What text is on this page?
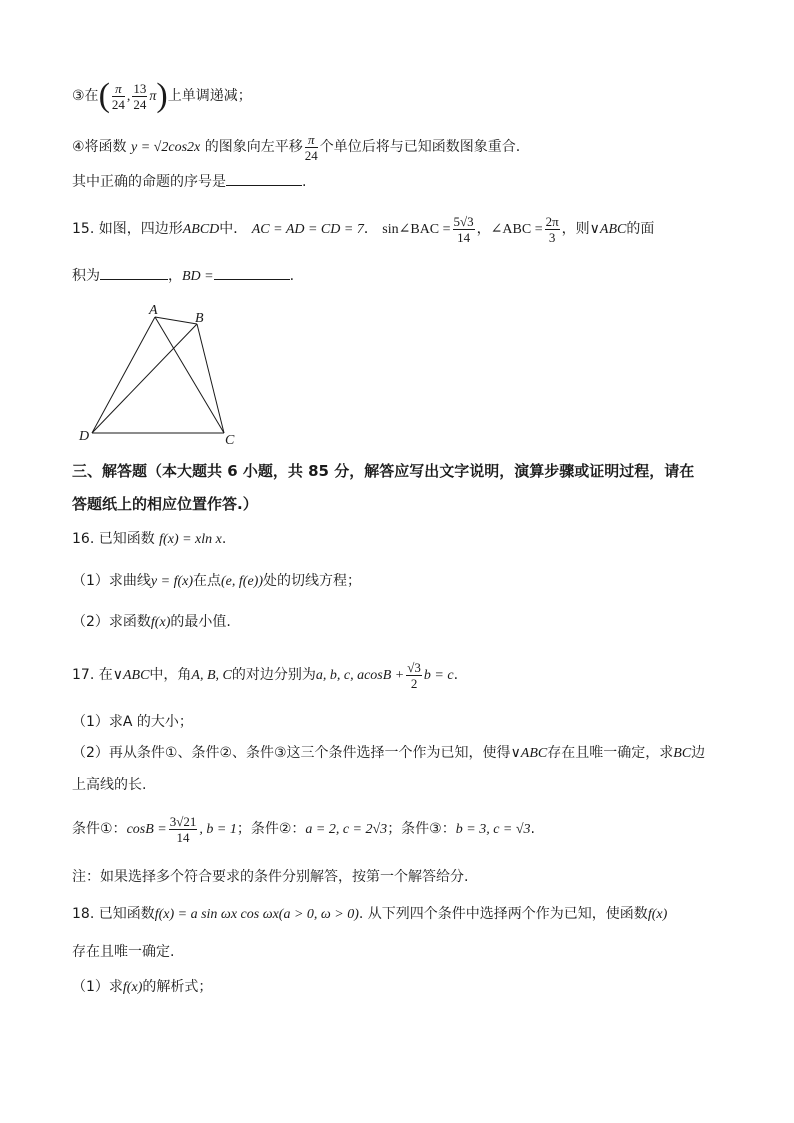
③在( $\frac{\pi}{24}$ , $\frac{13}{24} \pi$)上单调递减；
④将函数 y = √2cos2x 的图象向左平移 $\frac{\pi}{24}$ 个单位后将与已知函数图象重合.
其中正确的命题的序号是	.
15. 如图，四边形ABCD中． AC = AD = CD = 7． sin∠BAC = $\frac{5√3}{14}$ ，∠ABC = $\frac{2\pi}{3}$ ，则∨ABC的面
积为	，BD =	.
A
B
C
D
三、解答题（本大题共 6 小题，共 85 分，解答应写出文字说明，演算步骤或证明过程，请在
答题纸上的相应位置作答.）
16. 已知函数 f(x) = xln x.
（1）求曲线y = f(x)在点(e, f(e))处的切线方程；
（2）求函数f(x)的最小值.
17. 在∨ABC中，角A, B, C的对边分别为a, b, c, $acosB + \frac{√3}{2}$ b = c.
（1）求A 的大小；
（2）再从条件①、条件②、条件③这三个条件选择一个作为已知，使得∨ABC存在且唯一确定，求BC边
上高线的长.
条件①：$\cos B = \frac{3√21}{14}$ , b = 1；条件②：a = 2, c = 2√3；条件③：b = 3, c = √3.
注：如果选择多个符合要求的条件分别解答，按第一个解答给分.
18. 已知函数f(x) = a sin ωx cos ωx(a > 0, ω > 0). 从下列四个条件中选择两个作为已知，使函数f(x)
存在且唯一确定.
（1）求f(x)的解析式；
